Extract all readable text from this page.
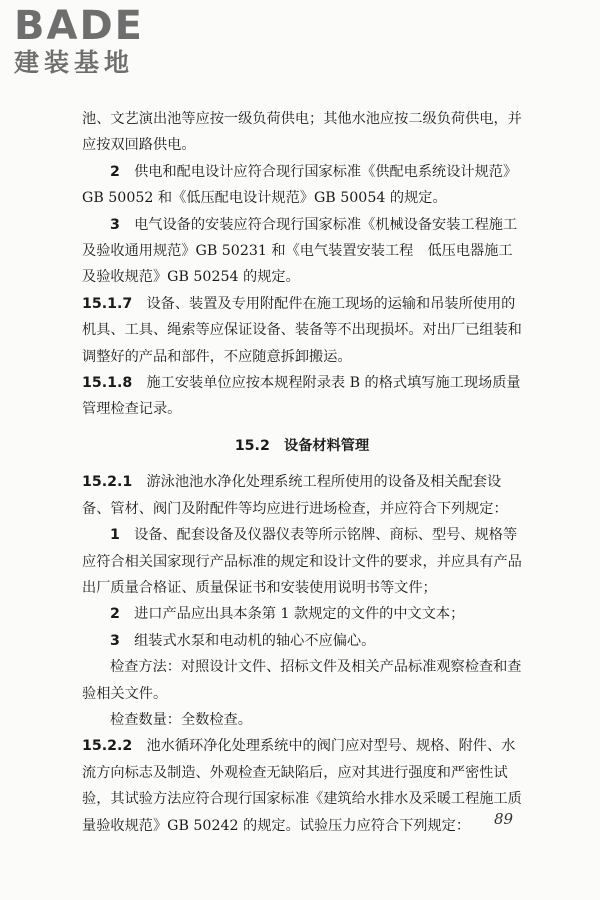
BADE
建装基地

池、文艺演出池等应按一级负荷供电；其他水池应按二级负荷供电，并应按双回路供电。

2　 供电和配电设计应符合现行国家标准《供配电系统设计规范》GB 50052 和《低压配电设计规范》GB 50054 的规定。

3　 电气设备的安装应符合现行国家标准《机械设备安装工程施工及验收通用规范》GB 50231 和《电气装置安装工程　低压电器施工及验收规范》GB 50254 的规定。

15.1.7　 设备、装置及专用附配件在施工现场的运输和吊装所使用的机具、工具、绳索等应保证设备、装备等不出现损坏。对出厂已组装和调整好的产品和部件，不应随意拆卸搬运。

15.1.8　 施工安装单位应按本规程附录表 B 的格式填写施工现场质量管理检查记录。

15.2　 设备材料管理

15.2.1　 游泳池池水净化处理系统工程所使用的设备及相关配套设备、管材、阀门及附配件等均应进行进场检查，并应符合下列规定：

1　 设备、配套设备及仪器仪表等所示铭牌、商标、型号、规格等应符合相关国家现行产品标准的规定和设计文件的要求，并应具有产品出厂质量合格证、质量保证书和安装使用说明书等文件；

2　 进口产品应出具本条第 1 款规定的文件的中文文本；

3　 组装式水泵和电动机的轴心不应偏心。

检查方法：对照设计文件、招标文件及相关产品标准观察检查和查验相关文件。

检查数量：全数检查。

15.2.2　 池水循环净化处理系统中的阀门应对型号、规格、附件、水流方向标志及制造、外观检查无缺陷后，应对其进行强度和严密性试验，其试验方法应符合现行国家标准《建筑给水排水及采暖工程施工质量验收规范》GB 50242 的规定。试验压力应符合下列规定：	89
